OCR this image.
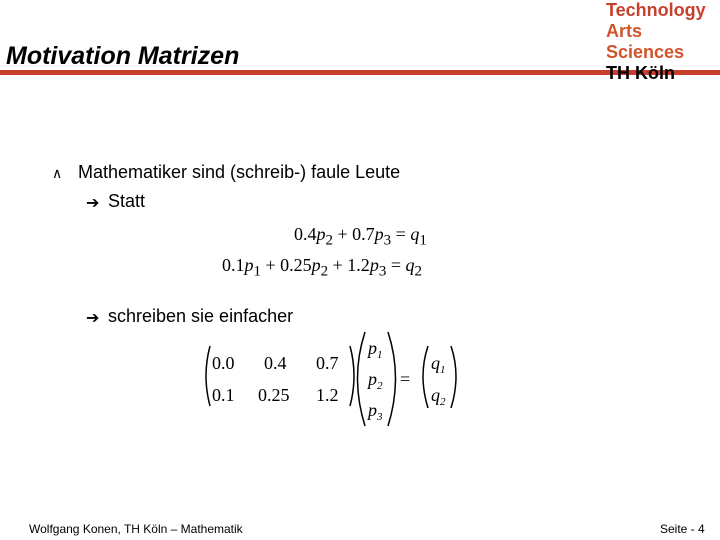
Motivation Matrizen
Technology
Arts Sciences
TH Köln
∧ Mathematiker sind (schreib-) faule Leute
➔ Statt
$0.4p_2 + 0.7p_3 = q_1$
$0.1p_1 + 0.25p_2 + 1.2p_3 = q_2$
➔ schreiben sie einfacher
0.0 0.4 0.7
0.1 0.25 1.2
$p_1$
$p_2$
$p_3$
=
$q_1$
$q_2$
Wolfgang Konen, TH Köln – Mathematik	Seite - 4
